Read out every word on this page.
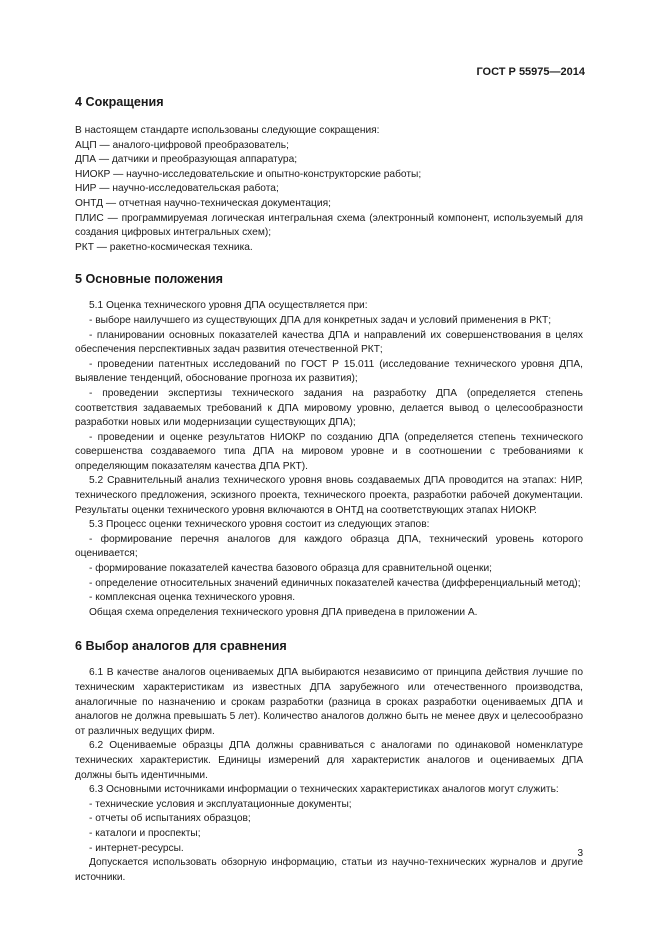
ГОСТ Р 55975—2014
4 Сокращения

В настоящем стандарте использованы следующие сокращения:

АЦП — аналого-цифровой преобразователь;

ДПА — датчики и преобразующая аппаратура;

НИОКР — научно-исследовательские и опытно-конструкторские работы;

НИР — научно-исследовательская работа;

ОНТД — отчетная научно-техническая документация;

ПЛИС — программируемая логическая интегральная схема (электронный компонент, используемый для создания цифровых интегральных схем);

РКТ — ракетно-космическая техника.

5 Основные положения

5.1 Оценка технического уровня ДПА осуществляется при:

- выборе наилучшего из существующих ДПА для конкретных задач и условий применения в РКТ;

- планировании основных показателей качества ДПА и направлений их совершенствования в целях обеспечения перспективных задач развития отечественной РКТ;

- проведении патентных исследований по ГОСТ Р 15.011 (исследование технического уровня ДПА, выявление тенденций, обоснование прогноза их развития);

- проведении экспертизы технического задания на разработку ДПА (определяется степень соответствия задаваемых требований к ДПА мировому уровню, делается вывод о целесообразности разработки новых или модернизации существующих ДПА);

- проведении и оценке результатов НИОКР по созданию ДПА (определяется степень технического совершенства создаваемого типа ДПА на мировом уровне и в соотношении с требованиями к определяющим показателям качества ДПА РКТ).

5.2 Сравнительный анализ технического уровня вновь создаваемых ДПА проводится на этапах: НИР, технического предложения, эскизного проекта, технического проекта, разработки рабочей документации. Результаты оценки технического уровня включаются в ОНТД на соответствующих этапах НИОКР.

5.3 Процесс оценки технического уровня состоит из следующих этапов:

- формирование перечня аналогов для каждого образца ДПА, технический уровень которого оценивается;

- формирование показателей качества базового образца для сравнительной оценки;

- определение относительных значений единичных показателей качества (дифференциальный метод);

- комплексная оценка технического уровня.

Общая схема определения технического уровня ДПА приведена в приложении А.

6 Выбор аналогов для сравнения

6.1 В качестве аналогов оцениваемых ДПА выбираются независимо от принципа действия лучшие по техническим характеристикам из известных ДПА зарубежного или отечественного производства, аналогичные по назначению и срокам разработки (разница в сроках разработки оцениваемых ДПА и аналогов не должна превышать 5 лет). Количество аналогов должно быть не менее двух и целесообразно от различных ведущих фирм.

6.2 Оцениваемые образцы ДПА должны сравниваться с аналогами по одинаковой номенклатуре технических характеристик. Единицы измерений для характеристик аналогов и оцениваемых ДПА должны быть идентичными.

6.3 Основными источниками информации о технических характеристиках аналогов могут служить:

- технические условия и эксплуатационные документы;

- отчеты об испытаниях образцов;

- каталоги и проспекты;

- интернет-ресурсы.

Допускается использовать обзорную информацию, статьи из научно-технических журналов и другие источники.

3
